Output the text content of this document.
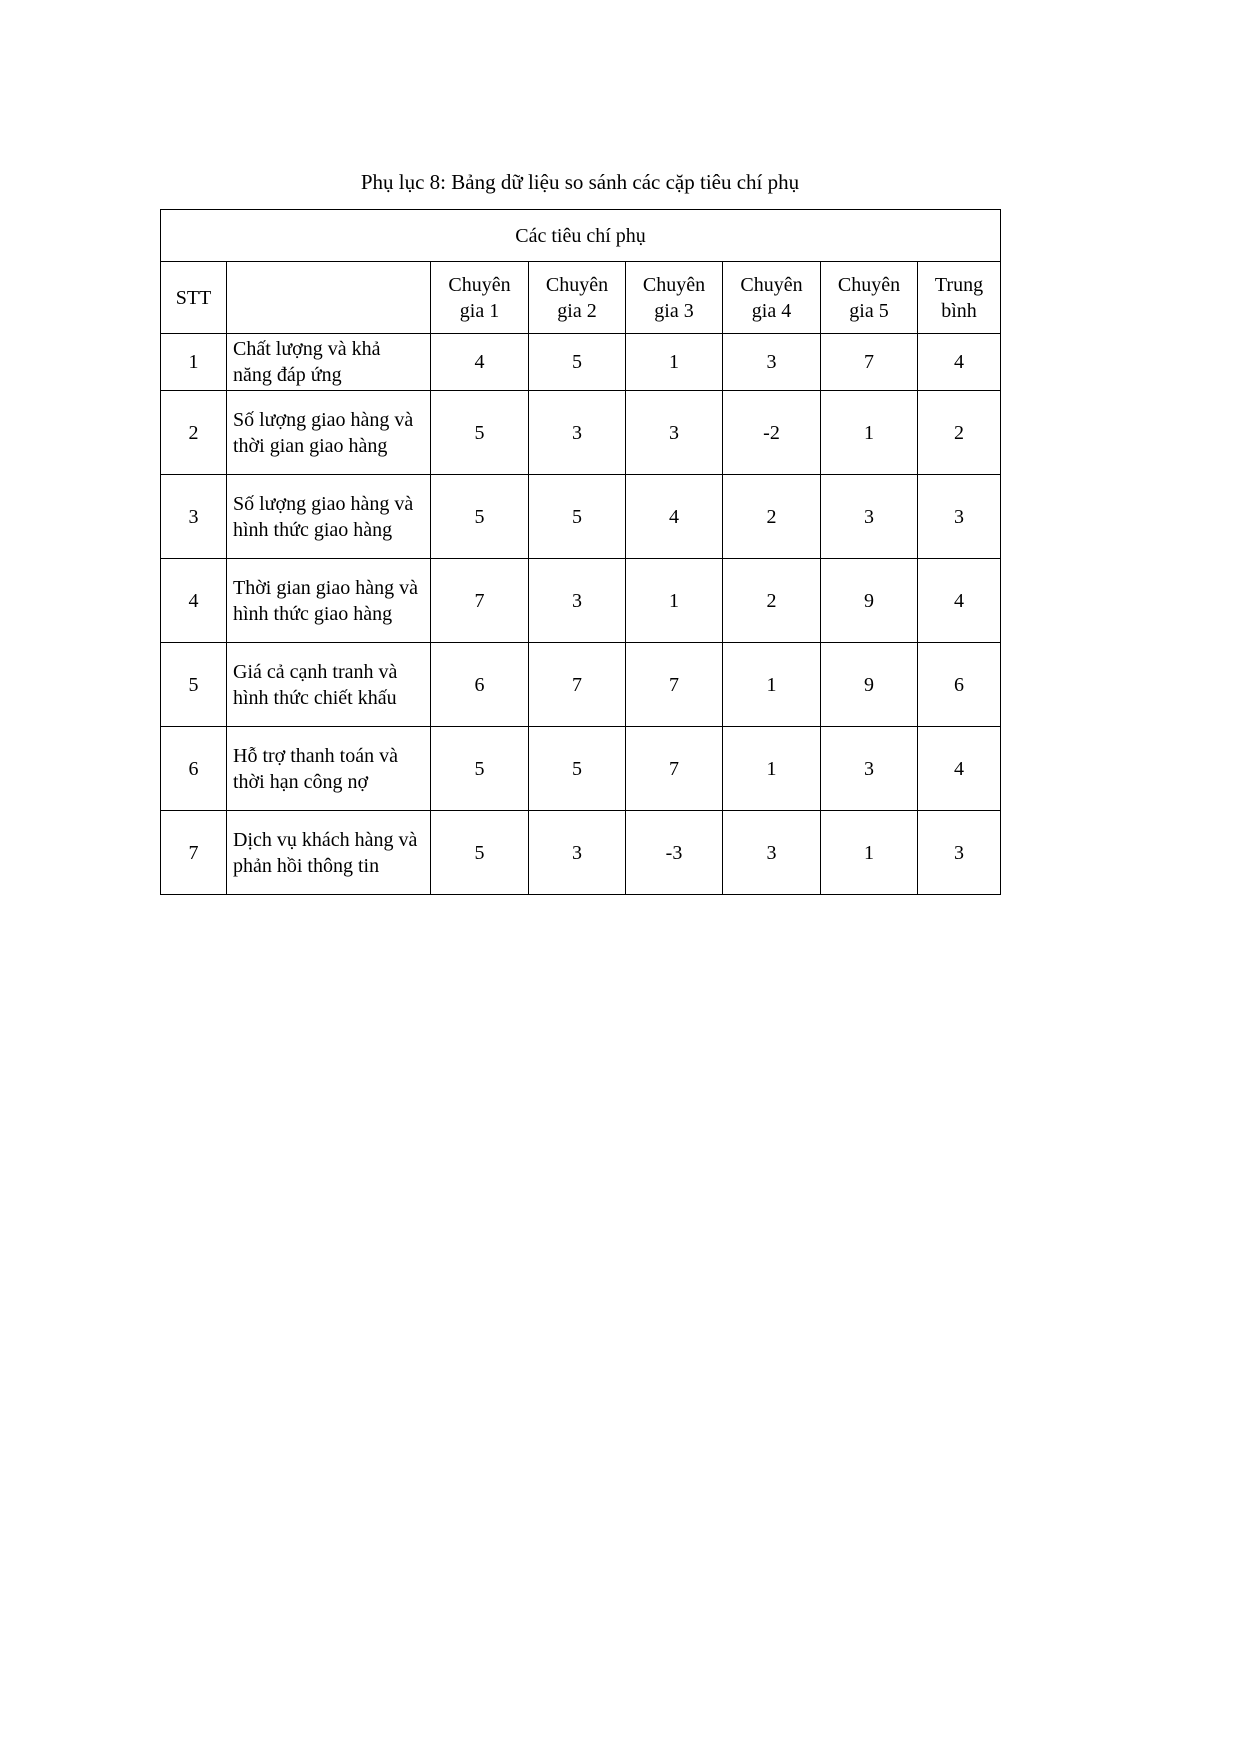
Phụ lục 8: Bảng dữ liệu so sánh các cặp tiêu chí phụ
Các tiêu chí phụ							
STT		Chuyên gia 1	Chuyên gia 2	Chuyên gia 3	Chuyên gia 4	Chuyên gia 5	Trung bình
1	Chất lượng và khả năng đáp ứng	4	5	1	3	7	4
2	Số lượng giao hàng và thời gian giao hàng	5	3	3	-2	1	2
3	Số lượng giao hàng và hình thức giao hàng	5	5	4	2	3	3
4	Thời gian giao hàng và hình thức giao hàng	7	3	1	2	9	4
5	Giá cả cạnh tranh và hình thức chiết khấu	6	7	7	1	9	6
6	Hỗ trợ thanh toán và thời hạn công nợ	5	5	7	1	3	4
7	Dịch vụ khách hàng và phản hồi thông tin	5	3	-3	3	1	3
